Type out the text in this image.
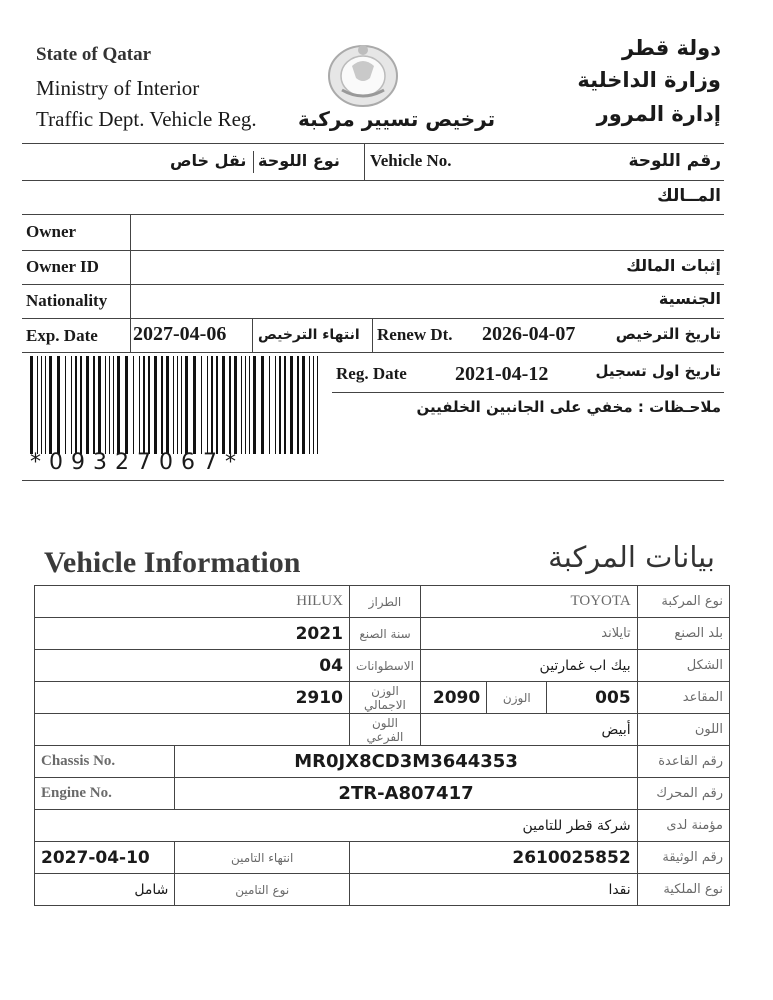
State of Qatar
Ministry of Interior
Traffic Dept. Vehicle Reg. ترخيص تسيير مركبة
دولة قطر
وزارة الداخلية
إدارة المرور
نقل خاص نوع اللوحة Vehicle No.	رقم اللوحة
المــالك
Owner
Owner ID	إثبات المالك
Nationality	الجنسية
Exp. Date 2027-04-06 انتهاء الترخيص Renew Dt. 2026-04-07	تاريخ الترخيص
*09327067*
Reg. Date 2021-04-12	تاريخ اول تسجيل
ملاحـظات : مخفي على الجانبين الخلفيين
Vehicle Information	بيانات المركبة
HILUX		الطراز	TOYOTA			نوع المركبة
2021		سنة الصنع	تايلاند			بلد الصنع
04		الاسطوانات	بيك اب غمارتين			الشكل
2910		الوزن الاجمالي	2090	الوزن	005	المقاعد
		اللون الفرعي	أبيض			اللون
Chassis No.	MR0JX8CD3M3644353					رقم القاعدة
Engine No.	2TR-A807417					رقم المحرك
شركة قطر للتامين						مؤمنة لدى
2027-04-10	انتهاء التامين	2610025852				رقم الوثيقة
شامل	نوع التامين	نقدا				نوع الملكية
